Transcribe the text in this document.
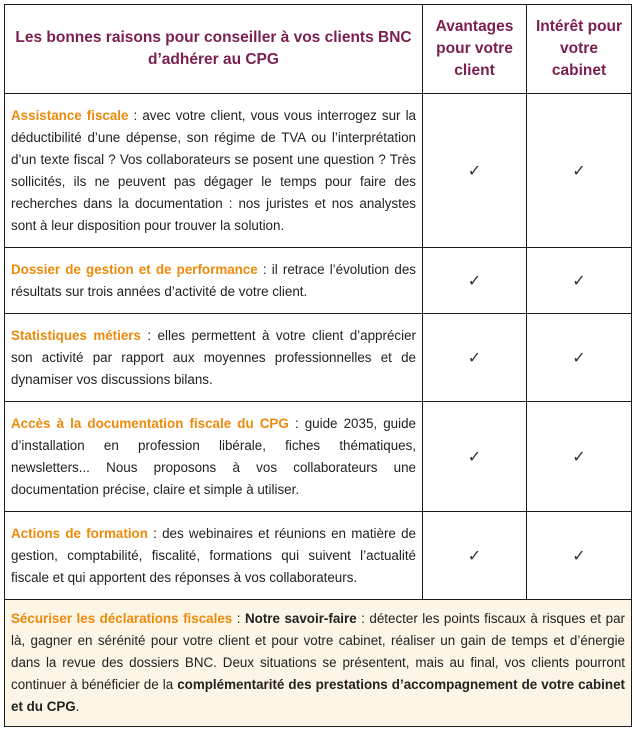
Les bonnes raisons pour conseiller à vos clients BNC d’adhérer au CPG	Avantages pour votre client	Intérêt pour votre cabinet
Assistance fiscale : avec votre client, vous vous interrogez sur la déductibilité d’une dépense, son régime de TVA ou l’interprétation d’un texte fiscal ? Vos collaborateurs se posent une question ? Très sollicités, ils ne peuvent pas dégager le temps pour faire des recherches dans la documentation : nos juristes et nos analystes sont à leur disposition pour trouver la solution.	✓	✓
Dossier de gestion et de performance : il retrace l’évolution des résultats sur trois années d’activité de votre client.	✓	✓
Statistiques métiers : elles permettent à votre client d’apprécier son activité par rapport aux moyennes professionnelles et de dynamiser vos discussions bilans.	✓	✓
Accès à la documentation fiscale du CPG : guide 2035, guide d’installation en profession libérale, fiches thématiques, newsletters... Nous proposons à vos collaborateurs une documentation précise, claire et simple à utiliser.	✓	✓
Actions de formation : des webinaires et réunions en matière de gestion, comptabilité, fiscalité, formations qui suivent l’actualité fiscale et qui apportent des réponses à vos collaborateurs.	✓	✓
Sécuriser les déclarations fiscales : Notre savoir-faire : détecter les points fiscaux à risques et par là, gagner en sérénité pour votre client et pour votre cabinet, réaliser un gain de temps et d’énergie dans la revue des dossiers BNC. Deux situations se présentent, mais au final, vos clients pourront continuer à bénéficier de la complémentarité des prestations d’accompagnement de votre cabinet et du CPG.		
